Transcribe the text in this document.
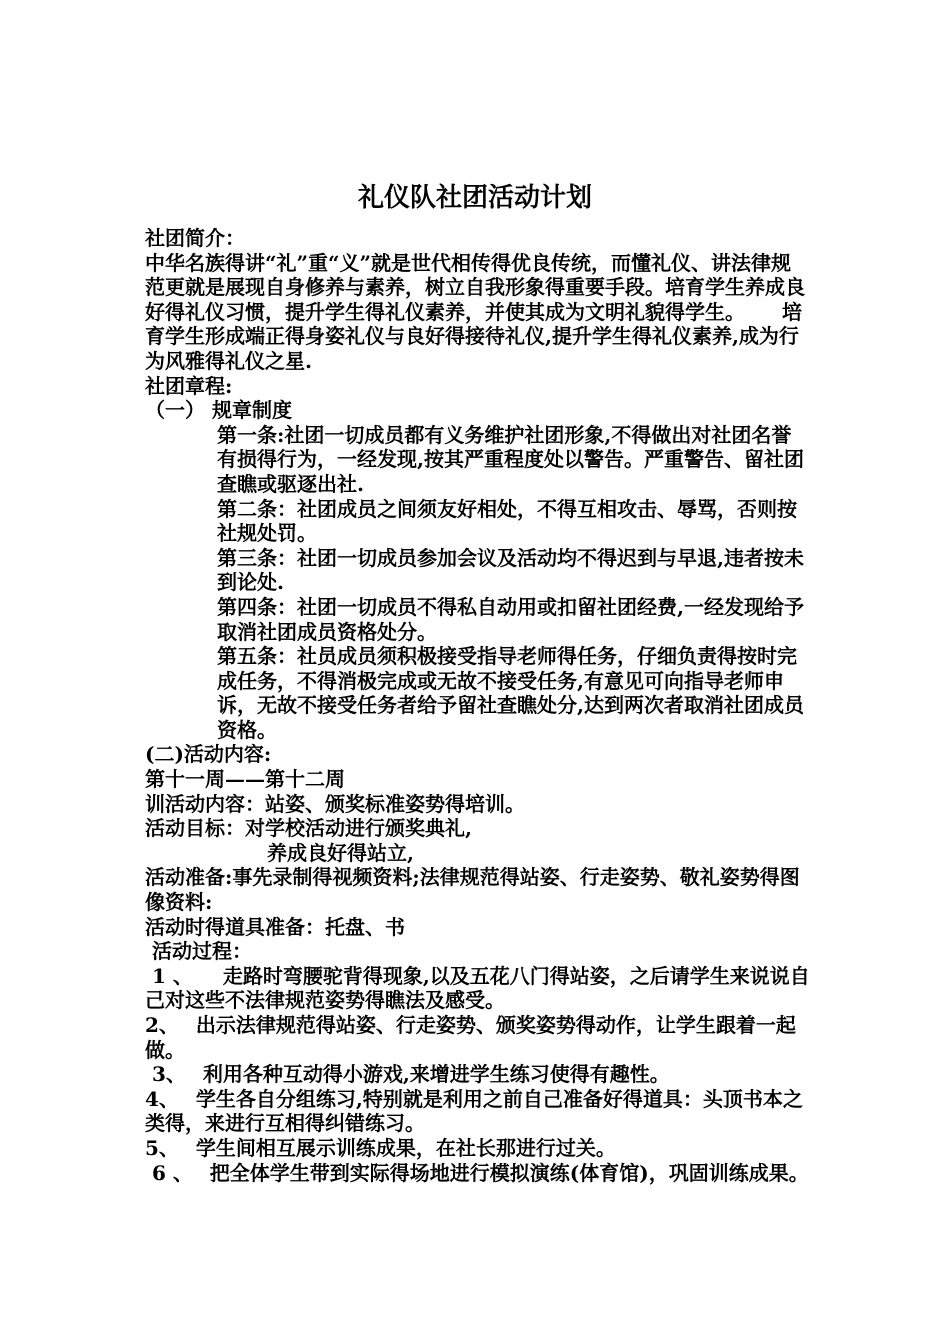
礼仪队社团活动计划

社团简介：

中华名族得讲“礼”重“义”就是世代相传得优良传统，而懂礼仪、讲法律规范更就是展现自身修养与素养，树立自我形象得重要手段。培育学生养成良好得礼仪习惯，提升学生得礼仪素养，并使其成为文明礼貌得学生。　　 培育学生形成端正得身姿礼仪与良好得接待礼仪,提升学生得礼仪素养,成为行为风雅得礼仪之星.

社团章程:

（一） 规章制度

第一条:社团一切成员都有义务维护社团形象,不得做出对社团名誉有损得行为，一经发现,按其严重程度处以警告。严重警告、留社团查瞧或驱逐出社.

第二条：社团成员之间须友好相处，不得互相攻击、辱骂，否则按社规处罚。

第三条：社团一切成员参加会议及活动均不得迟到与早退,违者按未到论处.

第四条：社团一切成员不得私自动用或扣留社团经费,一经发现给予取消社团成员资格处分。

第五条：社员成员须积极接受指导老师得任务，仔细负责得按时完成任务，不得消极完成或无故不接受任务,有意见可向指导老师申诉，无故不接受任务者给予留社查瞧处分,达到两次者取消社团成员资格。

(二)活动内容:

第十一周——第十二周

训活动内容：站姿、颁奖标准姿势得培训。

活动目标：对学校活动进行颁奖典礼,

养成良好得站立,

活动准备:事先录制得视频资料;法律规范得站姿、行走姿势、敬礼姿势得图像资料:

活动时得道具准备：托盘、书

活动过程：

1 、　　走路时弯腰驼背得现象,以及五花八门得站姿，之后请学生来说说自己对这些不法律规范姿势得瞧法及感受。

2、　 出示法律规范得站姿、行走姿势、颁奖姿势得动作，让学生跟着一起做。

3、　 利用各种互动得小游戏,来增进学生练习使得有趣性。

4、　 学生各自分组练习,特别就是利用之前自己准备好得道具：头顶书本之类得，来进行互相得纠错练习。

5、　 学生间相互展示训练成果，在社长那进行过关。

6 、　 把全体学生带到实际得场地进行模拟演练(体育馆)，巩固训练成果。
